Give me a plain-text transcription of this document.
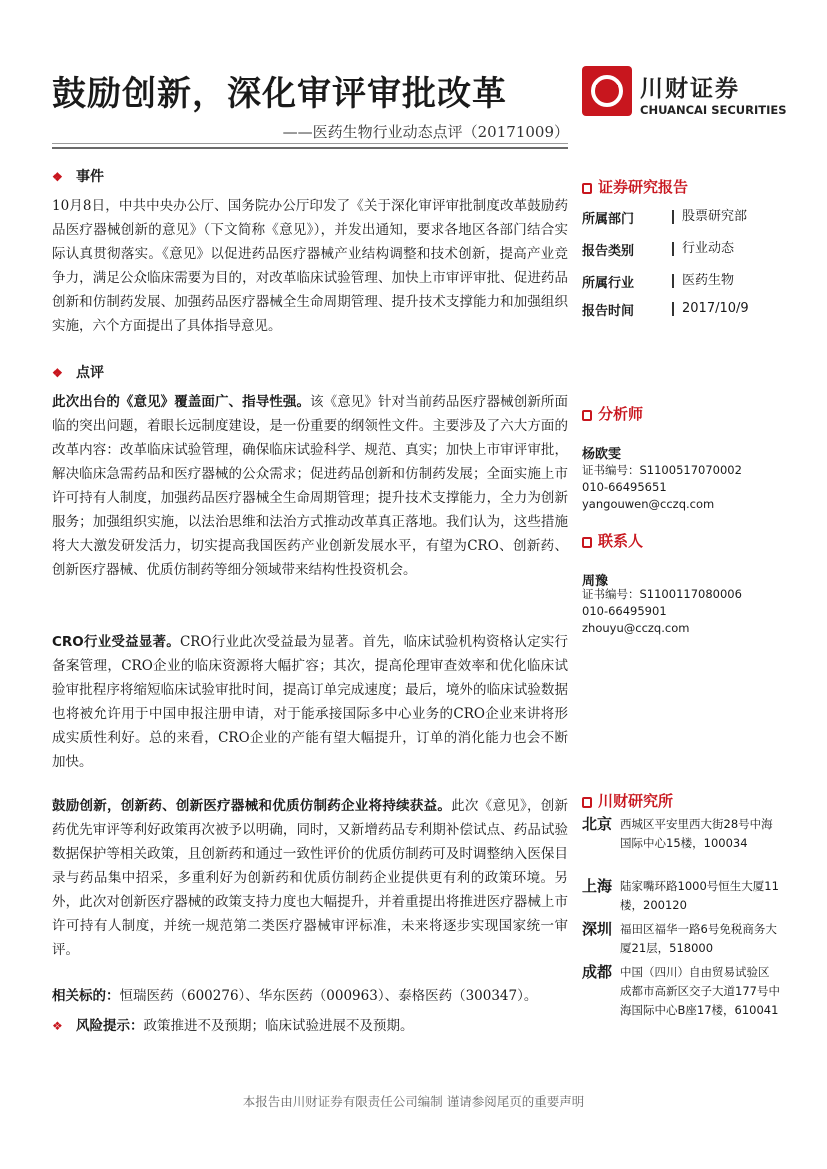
鼓励创新，深化审评审批改革
——医药生物行业动态点评（20171009）
川财证券
CHUANCAI SECURITIES
❖ 事件

10月8日，中共中央办公厅、国务院办公厅印发了《关于深化审评审批制度改革鼓励药品医疗器械创新的意见》（下文简称《意见》），并发出通知，要求各地区各部门结合实际认真贯彻落实。《意见》以促进药品医疗器械产业结构调整和技术创新，提高产业竞争力，满足公众临床需要为目的，对改革临床试验管理、加快上市审评审批、促进药品创新和仿制药发展、加强药品医疗器械全生命周期管理、提升技术支撑能力和加强组织实施，六个方面提出了具体指导意见。

❖ 点评

此次出台的《意见》覆盖面广、指导性强。该《意见》针对当前药品医疗器械创新所面临的突出问题，着眼长远制度建设，是一份重要的纲领性文件。主要涉及了六大方面的改革内容：改革临床试验管理，确保临床试验科学、规范、真实；加快上市审评审批，解决临床急需药品和医疗器械的公众需求；促进药品创新和仿制药发展；全面实施上市许可持有人制度，加强药品医疗器械全生命周期管理；提升技术支撑能力，全力为创新服务；加强组织实施，以法治思维和法治方式推动改革真正落地。我们认为，这些措施将大大激发研发活力，切实提高我国医药产业创新发展水平，有望为CRO、创新药、创新医疗器械、优质仿制药等细分领域带来结构性投资机会。

CRO行业受益显著。CRO行业此次受益最为显著。首先，临床试验机构资格认定实行备案管理，CRO企业的临床资源将大幅扩容；其次，提高伦理审查效率和优化临床试验审批程序将缩短临床试验审批时间，提高订单完成速度；最后，境外的临床试验数据也将被允许用于中国申报注册申请，对于能承接国际多中心业务的CRO企业来讲将形成实质性利好。总的来看，CRO企业的产能有望大幅提升，订单的消化能力也会不断加快。

鼓励创新，创新药、创新医疗器械和优质仿制药企业将持续获益。此次《意见》，创新药优先审评等利好政策再次被予以明确，同时，又新增药品专利期补偿试点、药品试验数据保护等相关政策，且创新药和通过一致性评价的优质仿制药可及时调整纳入医保目录与药品集中招采，多重利好为创新药和优质仿制药企业提供更有利的政策环境。另外，此次对创新医疗器械的政策支持力度也大幅提升，并着重提出将推进医疗器械上市许可持有人制度，并统一规范第二类医疗器械审评标准，未来将逐步实现国家统一审评。

相关标的：恒瑞医药（600276）、华东医药（000963）、泰格医药（300347）。

❖ 风险提示：政策推进不及预期；临床试验进展不及预期。

证券研究报告
所属部门	股票研究部
报告类别	行业动态
所属行业	医药生物
报告时间	2017/10/9
分析师
杨欧雯
证书编号：S1100517070002
010-66495651
yangouwen@cczq.com
联系人
周豫
证书编号：S1100117080006
010-66495901
zhouyu@cczq.com
川财研究所
北京 西城区平安里西大街28号中海国际中心15楼，100034

上海 陆家嘴环路1000号恒生大厦11楼，200120

深圳 福田区福华一路6号免税商务大厦21层，518000

成都 中国（四川）自由贸易试验区成都市高新区交子大道177号中海国际中心B座17楼，610041

本报告由川财证券有限责任公司编制 谨请参阅尾页的重要声明
